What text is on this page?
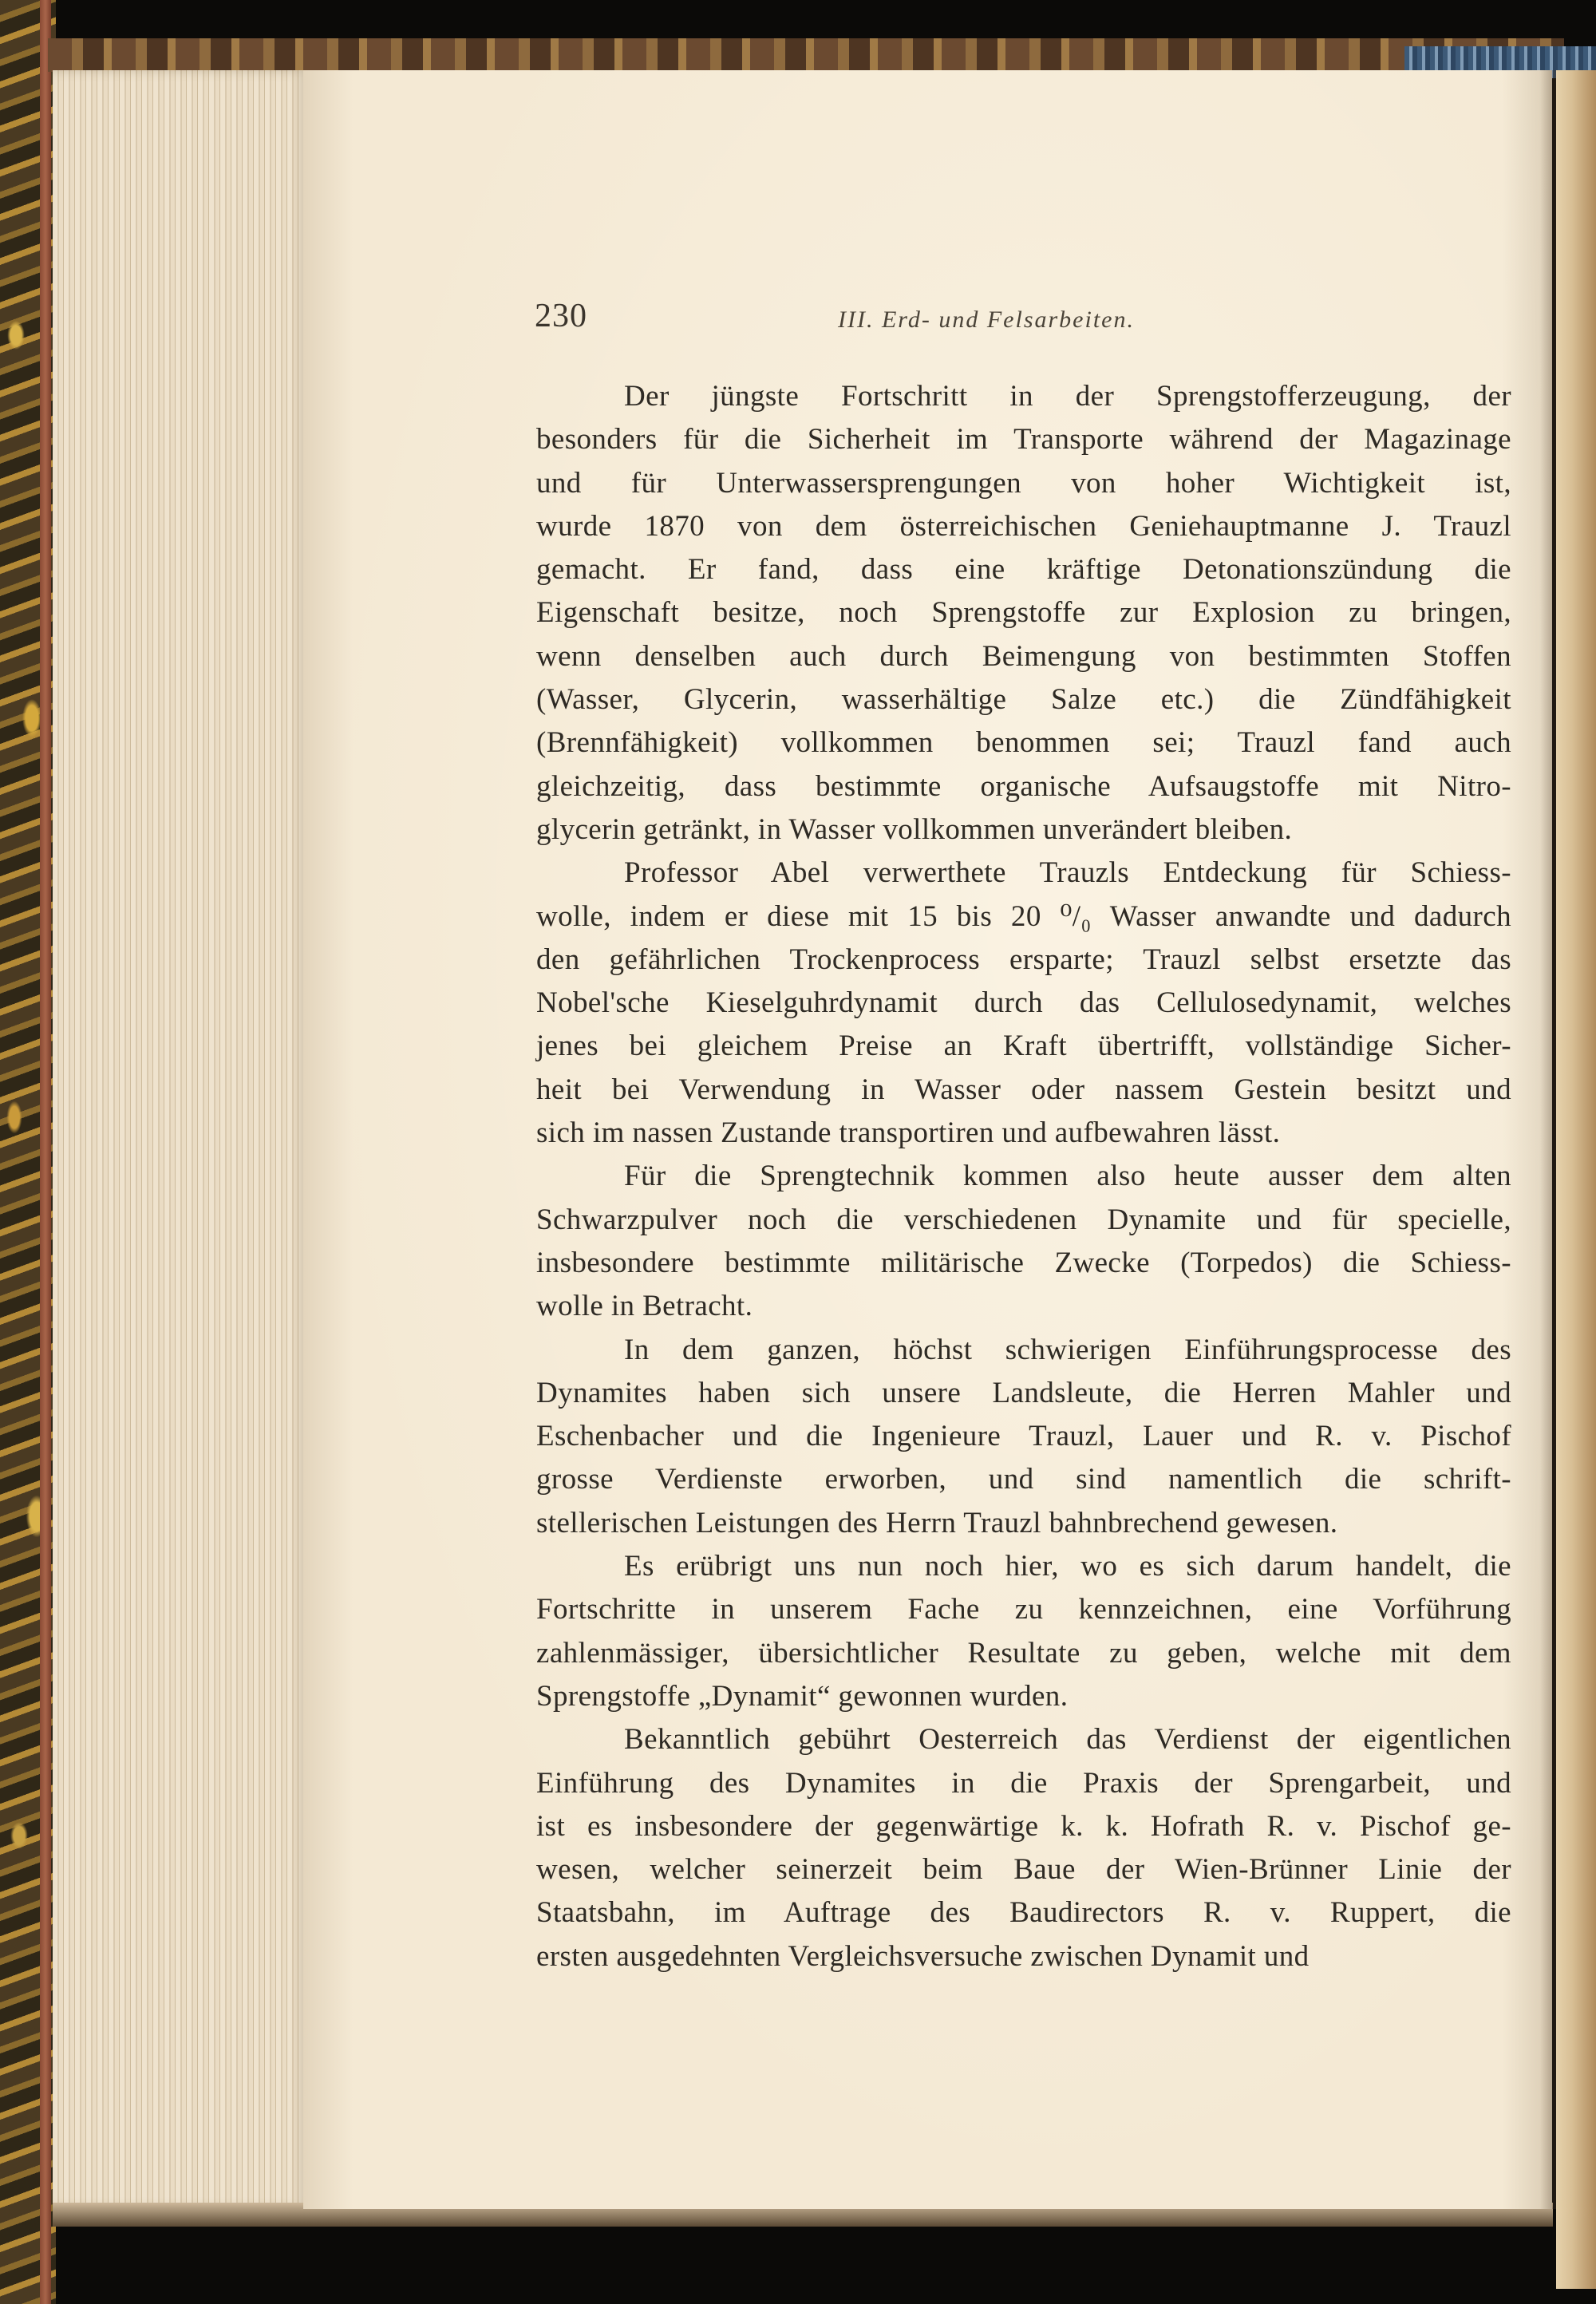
230	III. Erd- und Felsarbeiten.
Der jüngste Fortschritt in der Sprengstofferzeugung, der
besonders für die Sicherheit im Transporte während der Magazinage
und für Unterwassersprengungen von hoher Wichtigkeit ist,
wurde 1870 von dem österreichischen Geniehauptmanne J. Trauzl
gemacht. Er fand, dass eine kräftige Detonationszündung die
Eigenschaft besitze, noch Sprengstoffe zur Explosion zu bringen,
wenn denselben auch durch Beimengung von bestimmten Stoffen
(Wasser, Glycerin, wasserhältige Salze etc.) die Zündfähigkeit
(Brennfähigkeit) vollkommen benommen sei; Trauzl fand auch
gleichzeitig, dass bestimmte organische Aufsaugstoffe mit Nitro-
glycerin getränkt, in Wasser vollkommen unverändert bleiben.
Professor Abel verwerthete Trauzls Entdeckung für Schiess-
wolle, indem er diese mit 15 bis 20 ⁰/₀ Wasser anwandte und dadurch
den gefährlichen Trockenprocess ersparte; Trauzl selbst ersetzte das
Nobel'sche Kieselguhrdynamit durch das Cellulosedynamit, welches
jenes bei gleichem Preise an Kraft übertrifft, vollständige Sicher-
heit bei Verwendung in Wasser oder nassem Gestein besitzt und
sich im nassen Zustande transportiren und aufbewahren lässt.
Für die Sprengtechnik kommen also heute ausser dem alten
Schwarzpulver noch die verschiedenen Dynamite und für specielle,
insbesondere bestimmte militärische Zwecke (Torpedos) die Schiess-
wolle in Betracht.
In dem ganzen, höchst schwierigen Einführungsprocesse des
Dynamites haben sich unsere Landsleute, die Herren Mahler und
Eschenbacher und die Ingenieure Trauzl, Lauer und R. v. Pischof
grosse Verdienste erworben, und sind namentlich die schrift-
stellerischen Leistungen des Herrn Trauzl bahnbrechend gewesen.
Es erübrigt uns nun noch hier, wo es sich darum handelt, die
Fortschritte in unserem Fache zu kennzeichnen, eine Vorführung
zahlenmässiger, übersichtlicher Resultate zu geben, welche mit dem
Sprengstoffe „Dynamit“ gewonnen wurden.
Bekanntlich gebührt Oesterreich das Verdienst der eigentlichen
Einführung des Dynamites in die Praxis der Sprengarbeit, und
ist es insbesondere der gegenwärtige k. k. Hofrath R. v. Pischof ge-
wesen, welcher seinerzeit beim Baue der Wien-Brünner Linie der
Staatsbahn, im Auftrage des Baudirectors R. v. Ruppert, die
ersten ausgedehnten Vergleichsversuche zwischen Dynamit und
